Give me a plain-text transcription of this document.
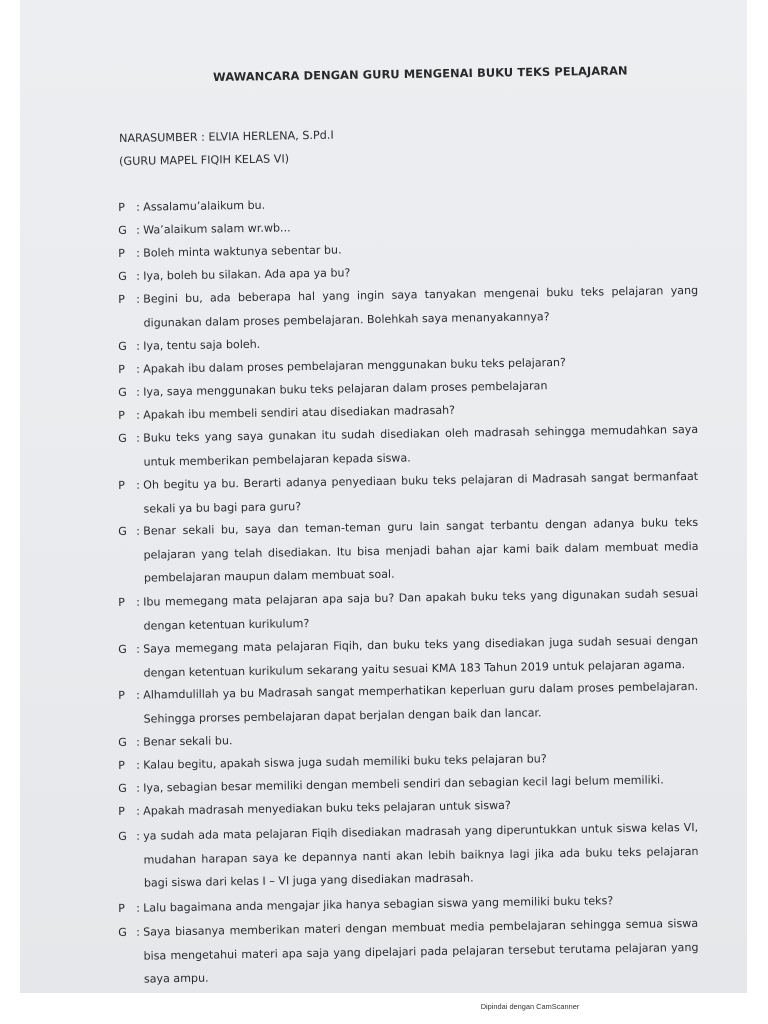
WAWANCARA DENGAN GURU MENGENAI BUKU TEKS PELAJARAN
NARASUMBER : ELVIA HERLENA, S.Pd.I
(GURU MAPEL FIQIH KELAS VI)
P : Assalamu’alaikum bu.
G : Wa’alaikum salam wr.wb...
P : Boleh minta waktunya sebentar bu.
G : Iya, boleh bu silakan. Ada apa ya bu?
P : Begini bu, ada beberapa hal yang ingin saya tanyakan mengenai buku teks pelajaran yang digunakan dalam proses pembelajaran. Bolehkah saya menanyakannya?
G : Iya, tentu saja boleh.
P : Apakah ibu dalam proses pembelajaran menggunakan buku teks pelajaran?
G : Iya, saya menggunakan buku teks pelajaran dalam proses pembelajaran
P : Apakah ibu membeli sendiri atau disediakan madrasah?
G : Buku teks yang saya gunakan itu sudah disediakan oleh madrasah sehingga memudahkan saya untuk memberikan pembelajaran kepada siswa.
P : Oh begitu ya bu. Berarti adanya penyediaan buku teks pelajaran di Madrasah sangat bermanfaat sekali ya bu bagi para guru?
G : Benar sekali bu, saya dan teman-teman guru lain sangat terbantu dengan adanya buku teks pelajaran yang telah disediakan. Itu bisa menjadi bahan ajar kami baik dalam membuat media pembelajaran maupun dalam membuat soal.
P : Ibu memegang mata pelajaran apa saja bu? Dan apakah buku teks yang digunakan sudah sesuai dengan ketentuan kurikulum?
G : Saya memegang mata pelajaran Fiqih, dan buku teks yang disediakan juga sudah sesuai dengan dengan ketentuan kurikulum sekarang yaitu sesuai KMA 183 Tahun 2019 untuk pelajaran agama.
P : Alhamdulillah ya bu Madrasah sangat memperhatikan keperluan guru dalam proses pembelajaran. Sehingga prorses pembelajaran dapat berjalan dengan baik dan lancar.
G : Benar sekali bu.
P : Kalau begitu, apakah siswa juga sudah memiliki buku teks pelajaran bu?
G : Iya, sebagian besar memiliki dengan membeli sendiri dan sebagian kecil lagi belum memiliki.
P : Apakah madrasah menyediakan buku teks pelajaran untuk siswa?
G : ya sudah ada mata pelajaran Fiqih disediakan madrasah yang diperuntukkan untuk siswa kelas VI, mudahan harapan saya ke depannya nanti akan lebih baiknya lagi jika ada buku teks pelajaran bagi siswa dari kelas I – VI juga yang disediakan madrasah.
P : Lalu bagaimana anda mengajar jika hanya sebagian siswa yang memiliki buku teks?
G : Saya biasanya memberikan materi dengan membuat media pembelajaran sehingga semua siswa bisa mengetahui materi apa saja yang dipelajari pada pelajaran tersebut terutama pelajaran yang saya ampu.
Dipindai dengan CamScanner
